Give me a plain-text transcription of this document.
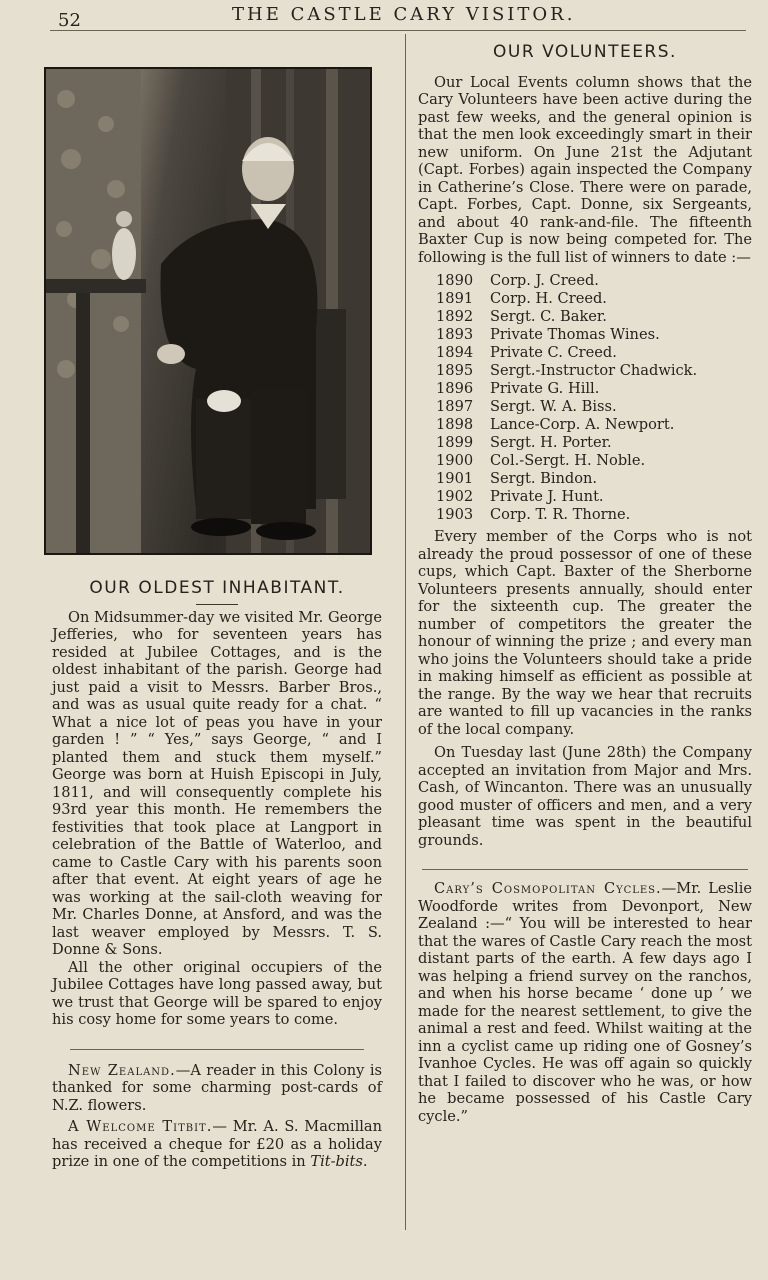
52	THE CASTLE CARY VISITOR.
OUR OLDEST INHABITANT.

On Midsummer-day we visited Mr. George Jefferies, who for seventeen years has resided at Jubilee Cottages, and is the oldest inhabitant of the parish. George had just paid a visit to Messrs. Barber Bros., and was as usual quite ready for a chat. “ What a nice lot of peas you have in your garden ! ” “ Yes,” says George, “ and I planted them and stuck them myself.” George was born at Huish Episcopi in July, 1811, and will consequently complete his 93rd year this month. He remembers the festivities that took place at Langport in celebration of the Battle of Waterloo, and came to Castle Cary with his parents soon after that event. At eight years of age he was working at the sail-cloth weaving for Mr. Charles Donne, at Ansford, and was the last weaver employed by Messrs. T. S. Donne & Sons.

All the other original occupiers of the Jubilee Cottages have long passed away, but we trust that George will be spared to enjoy his cosy home for some years to come.

New Zealand.—A reader in this Colony is thanked for some charming post-cards of N.Z. flowers.

A Welcome Titbit.— Mr. A. S. Macmillan has received a cheque for £20 as a holiday prize in one of the competitions in Tit-bits.

OUR VOLUNTEERS.

Our Local Events column shows that the Cary Volunteers have been active during the past few weeks, and the general opinion is that the men look exceedingly smart in their new uniform. On June 21st the Adjutant (Capt. Forbes) again inspected the Company in Catherine’s Close. There were on parade, Capt. Forbes, Capt. Donne, six Sergeants, and about 40 rank-and-file. The fifteenth Baxter Cup is now being competed for. The following is the full list of winners to date :—

1890	Corp. J. Creed.
1891	Corp. H. Creed.
1892	Sergt. C. Baker.
1893	Private Thomas Wines.
1894	Private C. Creed.
1895	Sergt.-Instructor Chadwick.
1896	Private G. Hill.
1897	Sergt. W. A. Biss.
1898	Lance-Corp. A. Newport.
1899	Sergt. H. Porter.
1900	Col.-Sergt. H. Noble.
1901	Sergt. Bindon.
1902	Private J. Hunt.
1903	Corp. T. R. Thorne.

Every member of the Corps who is not already the proud possessor of one of these cups, which Capt. Baxter of the Sherborne Volunteers presents annually, should enter for the sixteenth cup. The greater the number of competitors the greater the honour of winning the prize ; and every man who joins the Volunteers should take a pride in making himself as efficient as possible at the range. By the way we hear that recruits are wanted to fill up vacancies in the ranks of the local company.

On Tuesday last (June 28th) the Company accepted an invitation from Major and Mrs. Cash, of Wincanton. There was an unusually good muster of officers and men, and a very pleasant time was spent in the beautiful grounds.

Cary’s Cosmopolitan Cycles.—Mr. Leslie Woodforde writes from Devonport, New Zealand :—“ You will be interested to hear that the wares of Castle Cary reach the most distant parts of the earth. A few days ago I was helping a friend survey on the ranchos, and when his horse became ‘ done up ’ we made for the nearest settlement, to give the animal a rest and feed. Whilst waiting at the inn a cyclist came up riding one of Gosney’s Ivanhoe Cycles. He was off again so quickly that I failed to discover who he was, or how he became possessed of his Castle Cary cycle.”
